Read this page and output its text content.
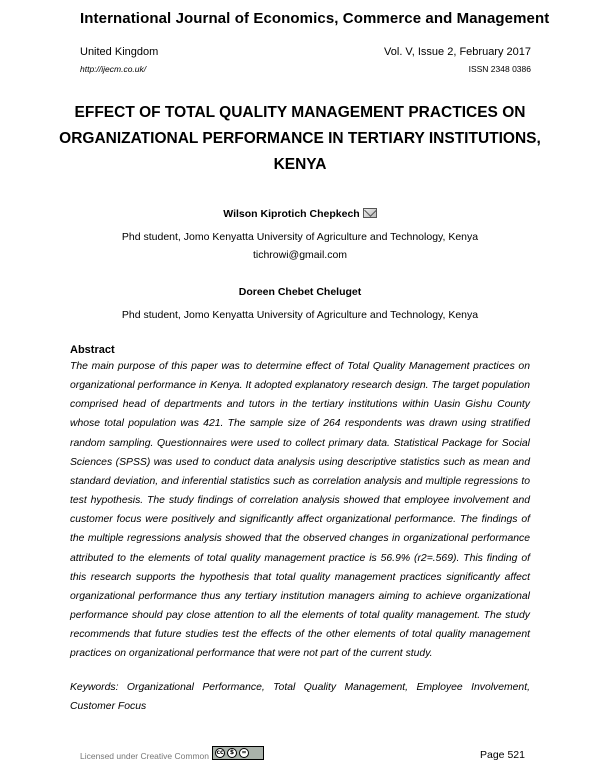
International Journal of Economics, Commerce and Management
United Kingdom	Vol. V, Issue 2, February 2017
http://ijecm.co.uk/	ISSN 2348 0386
EFFECT OF TOTAL QUALITY MANAGEMENT PRACTICES ON ORGANIZATIONAL PERFORMANCE IN TERTIARY INSTITUTIONS, KENYA
Wilson Kiprotich Chepkech
Phd student, Jomo Kenyatta University of Agriculture and Technology, Kenya
tichrowi@gmail.com
Doreen Chebet Cheluget
Phd student, Jomo Kenyatta University of Agriculture and Technology, Kenya
Abstract
The main purpose of this paper was to determine effect of Total Quality Management practices on organizational performance in Kenya. It adopted explanatory research design. The target population comprised head of departments and tutors in the tertiary institutions within Uasin Gishu County whose total population was 421. The sample size of 264 respondents was drawn using stratified random sampling. Questionnaires were used to collect primary data. Statistical Package for Social Sciences (SPSS) was used to conduct data analysis using descriptive statistics such as mean and standard deviation, and inferential statistics such as correlation analysis and multiple regressions to test hypothesis. The study findings of correlation analysis showed that employee involvement and customer focus were positively and significantly affect organizational performance. The findings of the multiple regressions analysis showed that the observed changes in organizational performance attributed to the elements of total quality management practice is 56.9% (r2=.569). This finding of this research supports the hypothesis that total quality management practices significantly affect organizational performance thus any tertiary institution managers aiming to achieve organizational performance should pay close attention to all the elements of total quality management. The study recommends that future studies test the effects of the other elements of total quality management practices on organizational performance that were not part of the current study.
Keywords: Organizational Performance, Total Quality Management, Employee Involvement, Customer Focus
Licensed under Creative Common cc	$	=	Page 521
